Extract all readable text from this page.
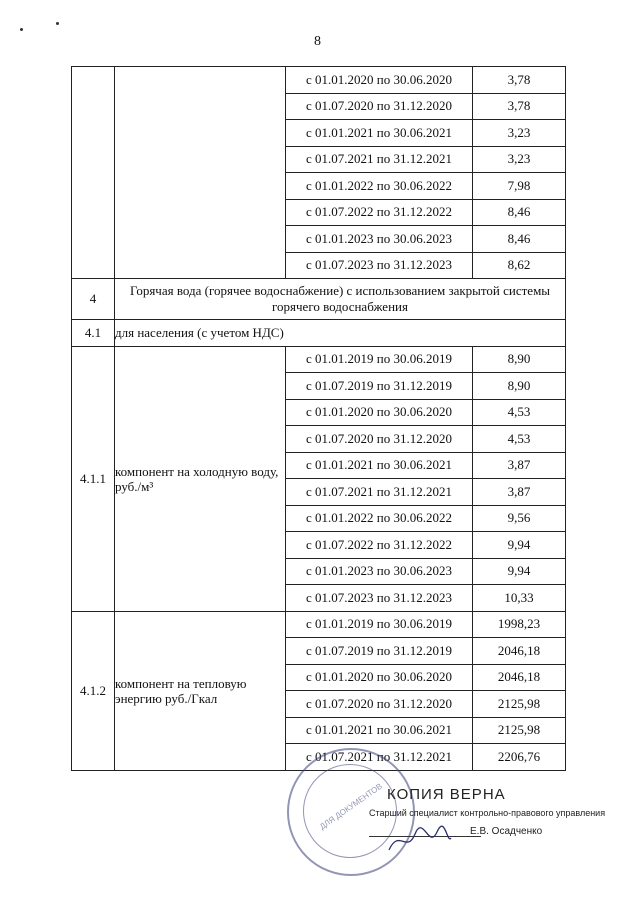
8
		с 01.01.2020 по 30.06.2020	3,78
		с 01.07.2020 по 31.12.2020	3,78
		с 01.01.2021 по 30.06.2021	3,23
		с 01.07.2021 по 31.12.2021	3,23
		с 01.01.2022 по 30.06.2022	7,98
		с 01.07.2022 по 31.12.2022	8,46
		с 01.01.2023 по 30.06.2023	8,46
		с 01.07.2023 по 31.12.2023	8,62
4	Горячая вода (горячее водоснабжение) с использованием закрытой системы горячего водоснабжения		
4.1	для населения (с учетом НДС)		
4.1.1	компонент на холодную воду, руб./м³	с 01.01.2019 по 30.06.2019	8,90
		с 01.07.2019 по 31.12.2019	8,90
		с 01.01.2020 по 30.06.2020	4,53
		с 01.07.2020 по 31.12.2020	4,53
		с 01.01.2021 по 30.06.2021	3,87
		с 01.07.2021 по 31.12.2021	3,87
		с 01.01.2022 по 30.06.2022	9,56
		с 01.07.2022 по 31.12.2022	9,94
		с 01.01.2023 по 30.06.2023	9,94
		с 01.07.2023 по 31.12.2023	10,33
4.1.2	компонент на тепловую энергию руб./Гкал	с 01.01.2019 по 30.06.2019	1998,23
		с 01.07.2019 по 31.12.2019	2046,18
		с 01.01.2020 по 30.06.2020	2046,18
		с 01.07.2020 по 31.12.2020	2125,98
		с 01.01.2021 по 30.06.2021	2125,98
		с 01.07.2021 по 31.12.2021	2206,76
ДЛЯ ДОКУМЕНТОВ КОПИЯ ВЕРНА
Старший специалист контрольно-правового управления
Е.В. Осадченко
